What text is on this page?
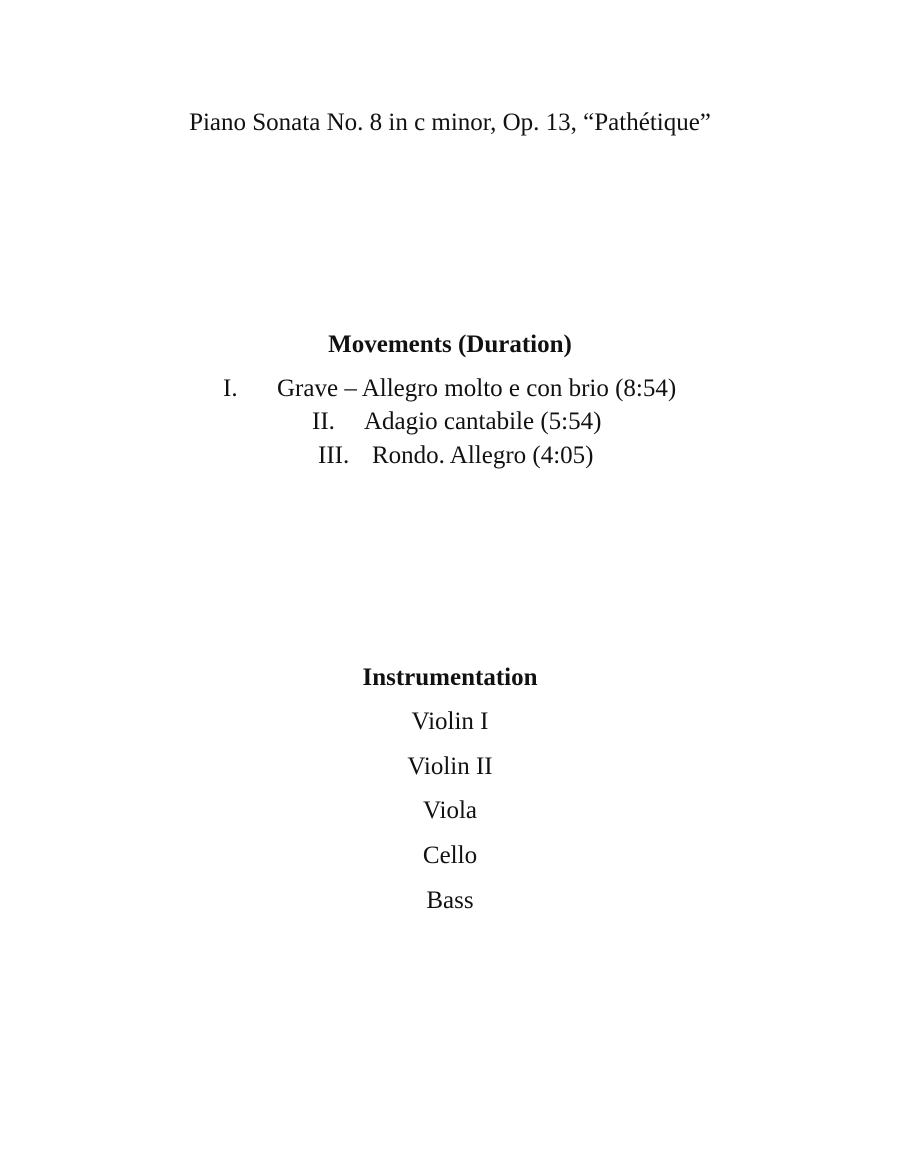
Piano Sonata No. 8 in c minor, Op. 13, “Pathétique”
Movements (Duration)
I. Grave – Allegro molto e con brio (8:54)
II. Adagio cantabile (5:54)
III. Rondo. Allegro (4:05)
Instrumentation
Violin I
Violin II
Viola
Cello
Bass
